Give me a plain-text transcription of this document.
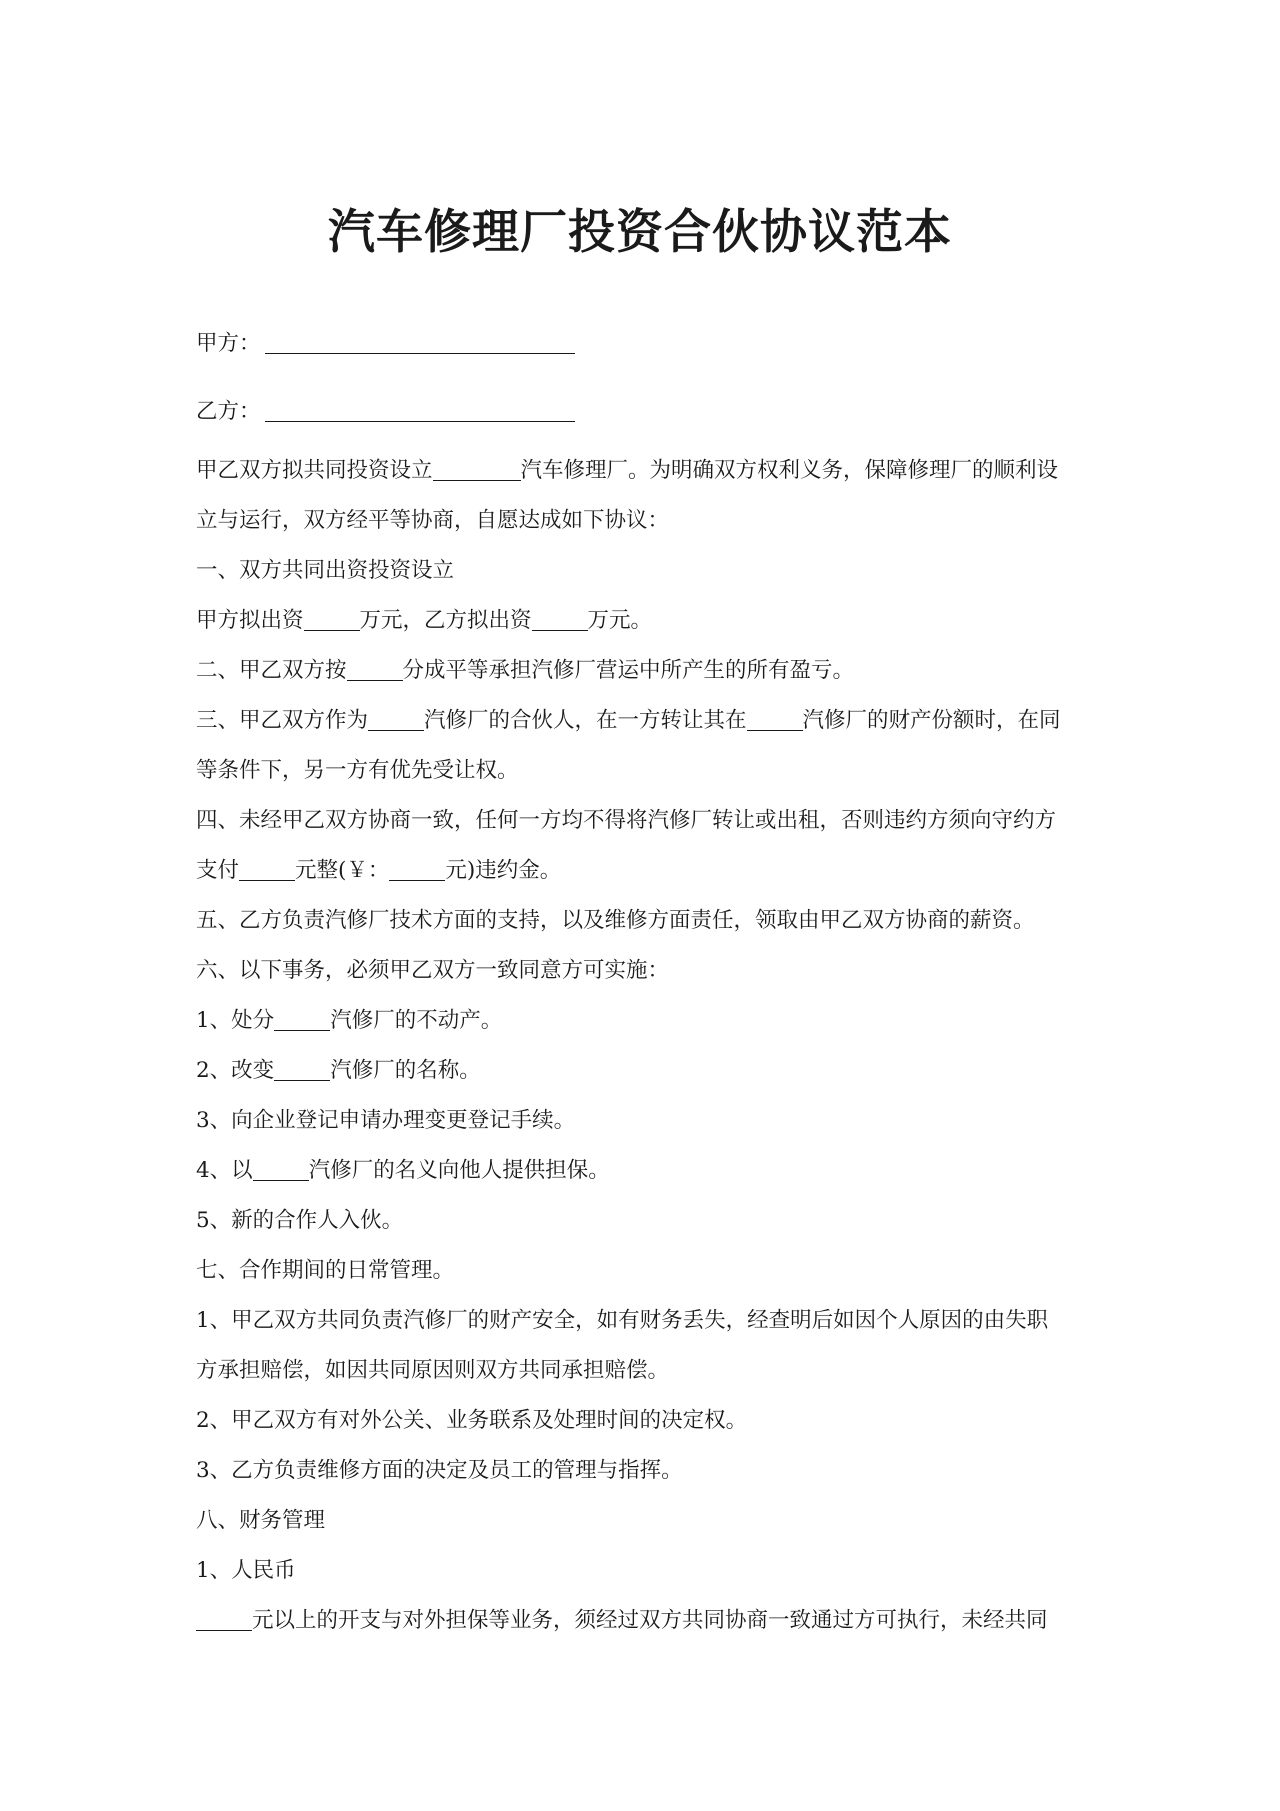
汽车修理厂投资合伙协议范本
甲方：
乙方：
甲乙双方拟共同投资设立	汽车修理厂。为明确双方权利义务，保障修理厂的顺利设
立与运行，双方经平等协商，自愿达成如下协议：
一、双方共同出资投资设立
甲方拟出资	万元，乙方拟出资	万元。
二、甲乙双方按	分成平等承担汽修厂营运中所产生的所有盈亏。
三、甲乙双方作为	汽修厂的合伙人，在一方转让其在	汽修厂的财产份额时，在同
等条件下，另一方有优先受让权。
四、未经甲乙双方协商一致，任何一方均不得将汽修厂转让或出租，否则违约方须向守约方
支付	元整(￥：	元)违约金。
五、乙方负责汽修厂技术方面的支持，以及维修方面责任，领取由甲乙双方协商的薪资。
六、以下事务，必须甲乙双方一致同意方可实施：
1、处分	汽修厂的不动产。
2、改变	汽修厂的名称。
3、向企业登记申请办理变更登记手续。
4、以	汽修厂的名义向他人提供担保。
5、新的合作人入伙。
七、合作期间的日常管理。
1、甲乙双方共同负责汽修厂的财产安全，如有财务丢失，经查明后如因个人原因的由失职
方承担赔偿，如因共同原因则双方共同承担赔偿。
2、甲乙双方有对外公关、业务联系及处理时间的决定权。
3、乙方负责维修方面的决定及员工的管理与指挥。
八、财务管理
1、人民币
元以上的开支与对外担保等业务，须经过双方共同协商一致通过方可执行，未经共同
